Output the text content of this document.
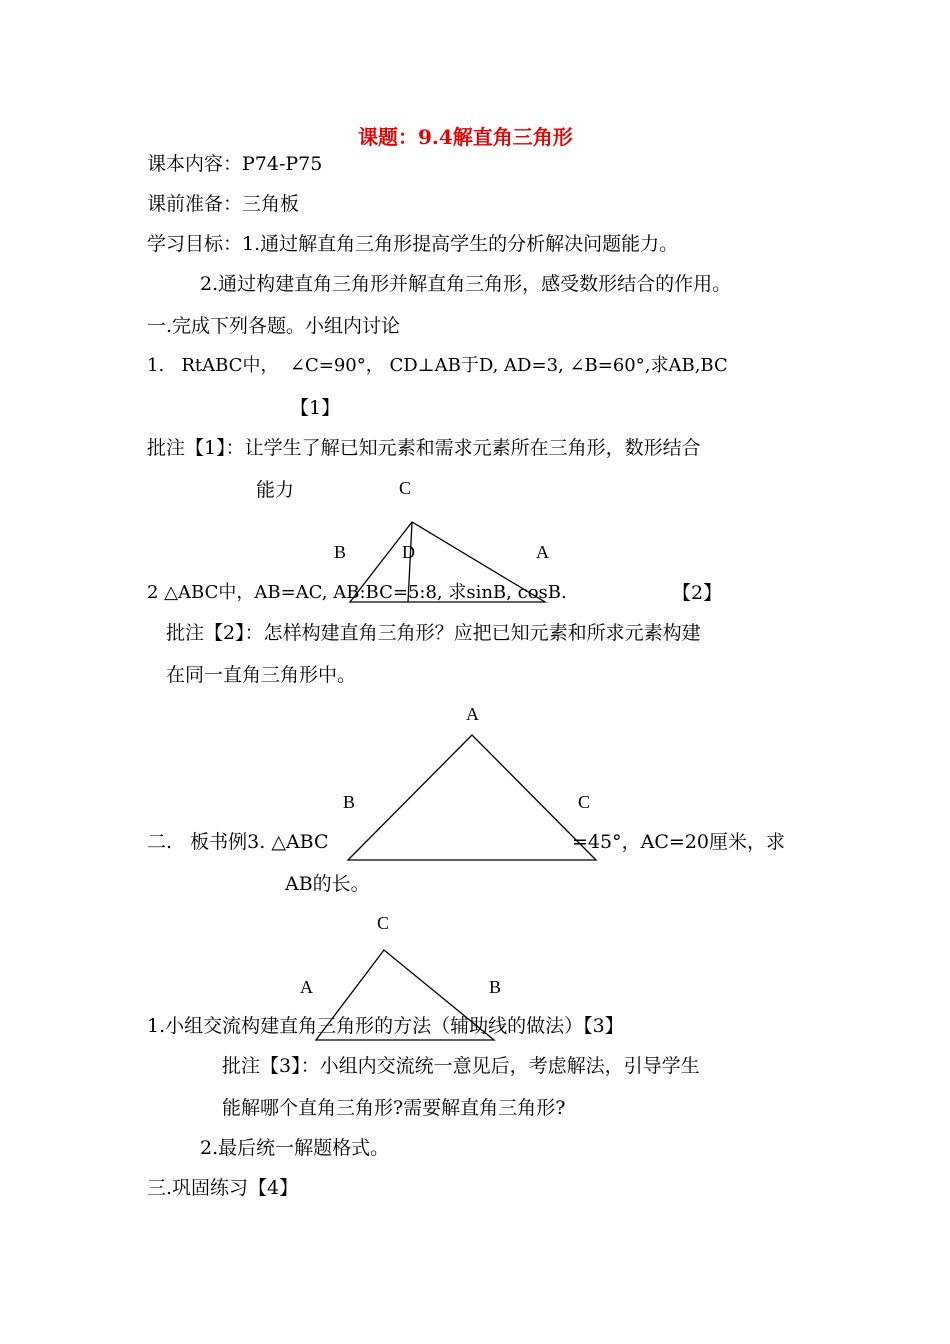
课题：9.4解直角三角形
课本内容：P74-P75
课前准备：三角板
学习目标：1.通过解直角三角形提高学生的分析解决问题能力。
2.通过构建直角三角形并解直角三角形，感受数形结合的作用。
一.完成下列各题。小组内讨论
1.   RtABC中，  ∠C=90°， CD⊥AB于D, AD=3, ∠B=60°,求AB,BC
【1】
批注【1】：让学生了解已知元素和需求元素所在三角形，数形结合
能力	C
B	D	A
2 △ABC中，AB=AC, AB:BC=5:8, 求sinB, cosB.	【2】
批注【2】：怎样构建直角三角形？应把已知元素和所求元素构建
在同一直角三角形中。
A
B	C
二.   板书例3. △ABC	=45°，AC=20厘米，求
AB的长。
C
A	B
1.小组交流构建直角三角形的方法（辅助线的做法）【3】
批注【3】：小组内交流统一意见后，考虑解法，引导学生
能解哪个直角三角形?需要解直角三角形?
2.最后统一解题格式。
三.巩固练习【4】
